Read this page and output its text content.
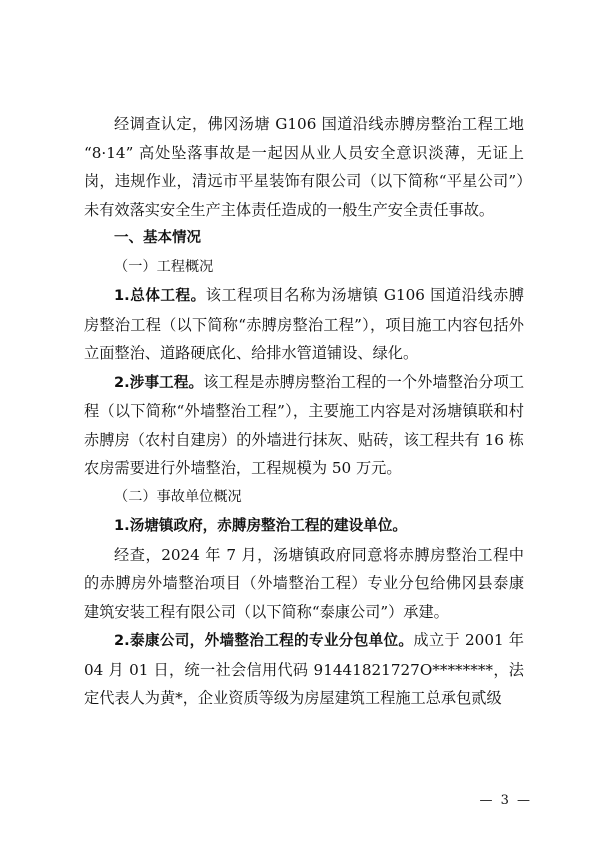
经调查认定，佛冈汤塘 G106 国道沿线赤膊房整治工程工地 “8·14” 高处坠落事故是一起因从业人员安全意识淡薄，无证上岗，违规作业，清远市平星装饰有限公司（以下简称“平星公司”）未有效落实安全生产主体责任造成的一般生产安全责任事故。

一、基本情况

（一）工程概况

1.总体工程。该工程项目名称为汤塘镇 G106 国道沿线赤膊房整治工程（以下简称“赤膊房整治工程”），项目施工内容包括外立面整治、道路硬底化、给排水管道铺设、绿化。

2.涉事工程。该工程是赤膊房整治工程的一个外墙整治分项工程（以下简称“外墙整治工程”），主要施工内容是对汤塘镇联和村赤膊房（农村自建房）的外墙进行抹灰、贴砖，该工程共有 16 栋农房需要进行外墙整治，工程规模为 50 万元。

（二）事故单位概况

1.汤塘镇政府，赤膊房整治工程的建设单位。

经查，2024 年 7 月，汤塘镇政府同意将赤膊房整治工程中的赤膊房外墙整治项目（外墙整治工程）专业分包给佛冈县泰康建筑安装工程有限公司（以下简称“泰康公司”）承建。

2.泰康公司，外墙整治工程的专业分包单位。成立于 2001 年 04 月 01 日，统一社会信用代码 91441821727O********，法定代表人为黄*，企业资质等级为房屋建筑工程施工总承包贰级

— 3 —
